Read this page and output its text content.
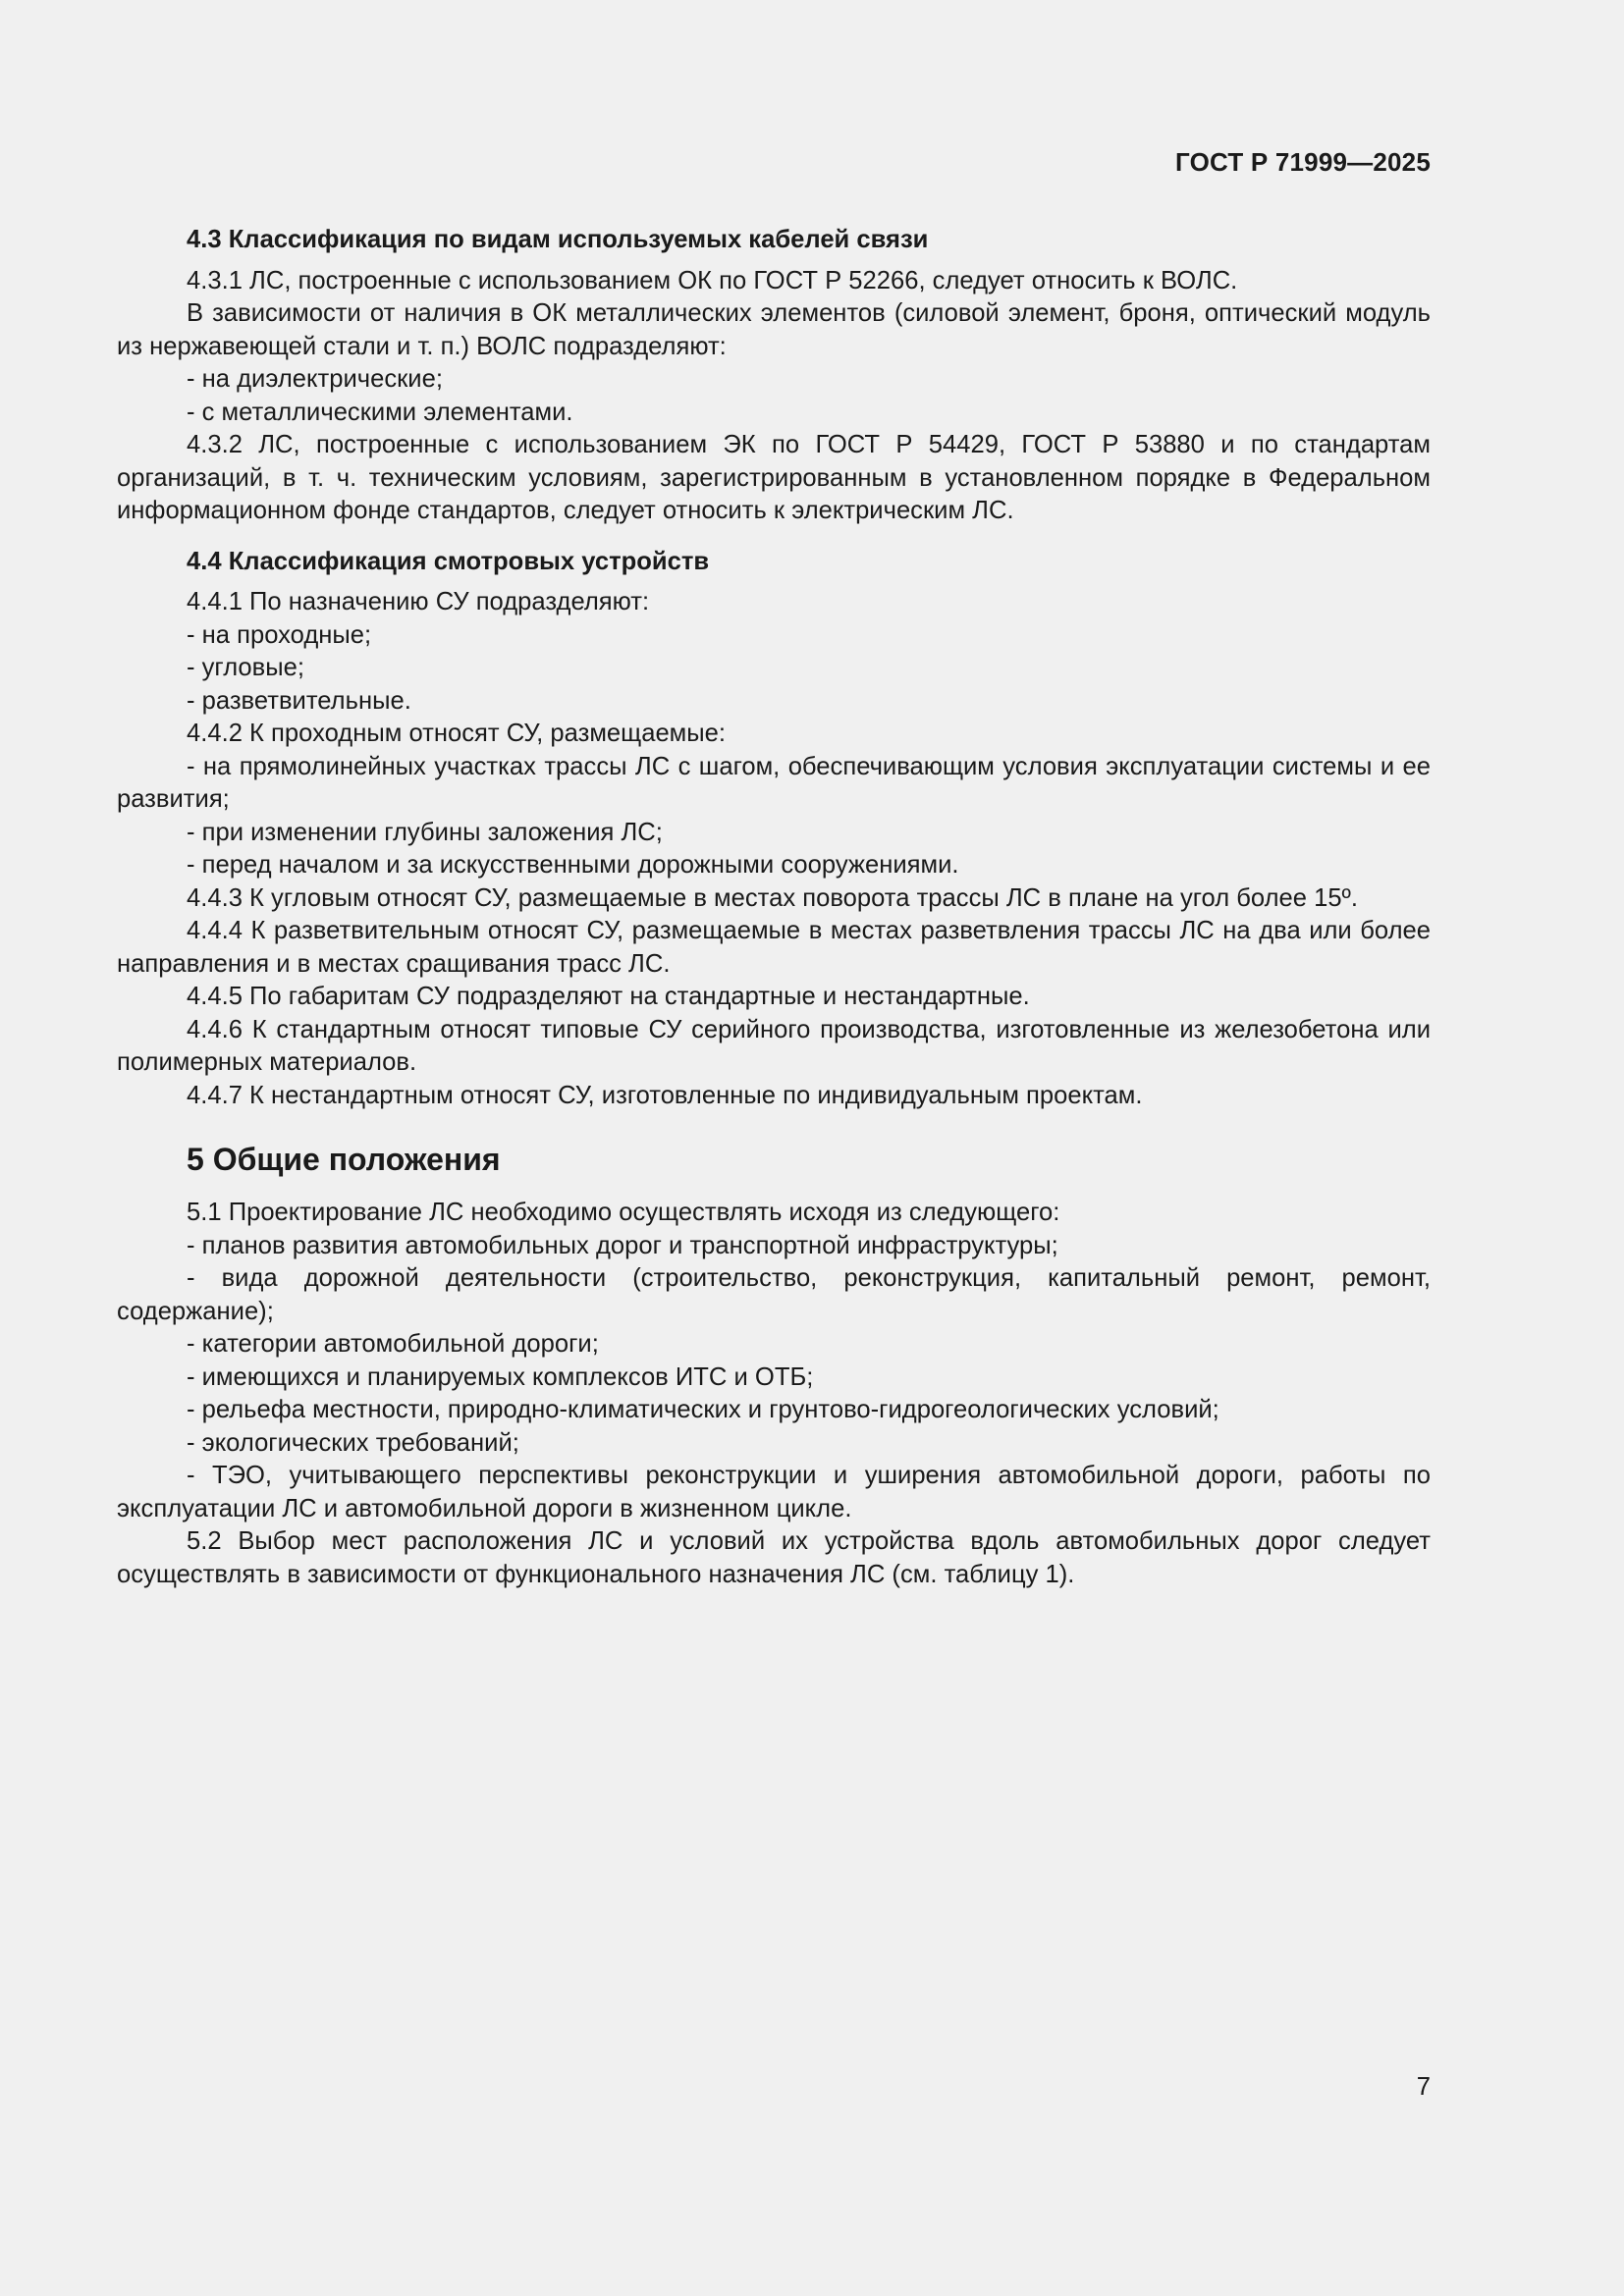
ГОСТ Р 71999—2025

4.3 Классификация по видам используемых кабелей связи

4.3.1 ЛС, построенные с использованием ОК по ГОСТ Р 52266, следует относить к ВОЛС.

В зависимости от наличия в ОК металлических элементов (силовой элемент, броня, оптический модуль из нержавеющей стали и т. п.) ВОЛС подразделяют:

- на диэлектрические;

- с металлическими элементами.

4.3.2 ЛС, построенные с использованием ЭК по ГОСТ Р 54429, ГОСТ Р 53880 и по стандартам организаций, в т. ч. техническим условиям, зарегистрированным в установленном порядке в Федеральном информационном фонде стандартов, следует относить к электрическим ЛС.

4.4 Классификация смотровых устройств

4.4.1 По назначению СУ подразделяют:

- на проходные;

- угловые;

- разветвительные.

4.4.2 К проходным относят СУ, размещаемые:

- на прямолинейных участках трассы ЛС с шагом, обеспечивающим условия эксплуатации системы и ее развития;

- при изменении глубины заложения ЛС;

- перед началом и за искусственными дорожными сооружениями.

4.4.3 К угловым относят СУ, размещаемые в местах поворота трассы ЛС в плане на угол более 15º.

4.4.4 К разветвительным относят СУ, размещаемые в местах разветвления трассы ЛС на два или более направления и в местах сращивания трасс ЛС.

4.4.5 По габаритам СУ подразделяют на стандартные и нестандартные.

4.4.6 К стандартным относят типовые СУ серийного производства, изготовленные из железобетона или полимерных материалов.

4.4.7 К нестандартным относят СУ, изготовленные по индивидуальным проектам.

5 Общие положения

5.1 Проектирование ЛС необходимо осуществлять исходя из следующего:

- планов развития автомобильных дорог и транспортной инфраструктуры;

- вида дорожной деятельности (строительство, реконструкция, капитальный ремонт, ремонт, содержание);

- категории автомобильной дороги;

- имеющихся и планируемых комплексов ИТС и ОТБ;

- рельефа местности, природно-климатических и грунтово-гидрогеологических условий;

- экологических требований;

- ТЭО, учитывающего перспективы реконструкции и уширения автомобильной дороги, работы по эксплуатации ЛС и автомобильной дороги в жизненном цикле.

5.2 Выбор мест расположения ЛС и условий их устройства вдоль автомобильных дорог следует осуществлять в зависимости от функционального назначения ЛС (см. таблицу 1).

7
